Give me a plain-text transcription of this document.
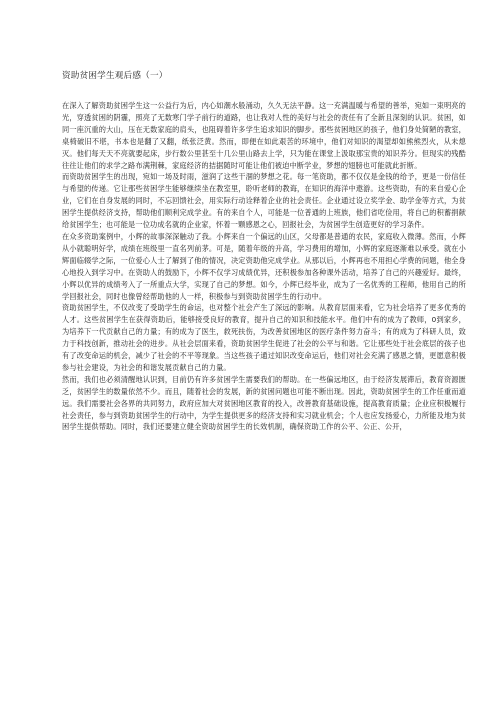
资助贫困学生观后感（一）

在深入了解资助贫困学生这一公益行为后，内心如潮水般涌动，久久无法平静。这一充满温暖与希望的善举，宛如一束明亮的光，穿透贫困的阴霾，照亮了无数寒门学子前行的道路，也让我对人性的美好与社会的责任有了全新且深刻的认识。贫困，如同一座沉重的大山，压在无数家庭的肩头，也阻碍着许多学生追求知识的脚步。那些贫困地区的孩子，他们身处简陋的教室，桌椅破旧不堪，书本也是翻了又翻，纸张泛黄。然而，即便在如此艰苦的环境中，他们对知识的渴望却如熊熊烈火，从未熄灭。他们每天天不亮就要起床，步行数公里甚至十几公里山路去上学，只为能在课堂上汲取那宝贵的知识养分。但现实的残酷往往让他们的求学之路布满荆棘，家庭经济的拮据随时可能让他们被迫中断学业，梦想的翅膀也可能就此折断。

而资助贫困学生的出现，宛如一场及时雨，滋润了这些干涸的梦想之花。每一笔资助，都不仅仅是金钱的给予，更是一份信任与希望的传递。它让那些贫困学生能够继续坐在教室里，聆听老师的教诲，在知识的海洋中遨游。这些资助，有的来自爱心企业，它们在自身发展的同时，不忘回馈社会，用实际行动诠释着企业的社会责任。企业通过设立奖学金、助学金等方式，为贫困学生提供经济支持，帮助他们顺利完成学业。有的来自个人，可能是一位普通的上班族，他们省吃俭用，将自己的积蓄捐献给贫困学生；也可能是一位功成名就的企业家，怀着一颗感恩之心，回报社会，为贫困学生创造更好的学习条件。

在众多资助案例中，小辉的故事深深触动了我。小辉来自一个偏远的山区，父母都是普通的农民，家庭收入微薄。然而，小辉从小就聪明好学，成绩在班级里一直名列前茅。可是，随着年级的升高，学习费用的增加，小辉的家庭逐渐难以承受。就在小辉面临辍学之际，一位爱心人士了解到了他的情况，决定资助他完成学业。从那以后，小辉再也不用担心学费的问题，他全身心地投入到学习中。在资助人的鼓励下，小辉不仅学习成绩优异，还积极参加各种课外活动，培养了自己的兴趣爱好。最终，小辉以优异的成绩考入了一所重点大学，实现了自己的梦想。如今，小辉已经毕业，成为了一名优秀的工程师，他用自己的所学回报社会，同时也像曾经帮助他的人一样，积极参与到资助贫困学生的行动中。

资助贫困学生，不仅改变了受助学生的命运，也对整个社会产生了深远的影响。从教育层面来看，它为社会培养了更多优秀的人才。这些贫困学生在获得资助后，能够接受良好的教育，提升自己的知识和技能水平。他们中有的成为了教师，0到家乡，为培养下一代贡献自己的力量；有的成为了医生，救死扶伤，为改善贫困地区的医疗条件努力奋斗；有的成为了科研人员，致力于科技创新，推动社会的进步。从社会层面来看，资助贫困学生促进了社会的公平与和谐。它让那些处于社会底层的孩子也有了改变命运的机会，减少了社会的不平等现象。当这些孩子通过知识改变命运后，他们对社会充满了感恩之情，更愿意积极参与社会建设，为社会的和谐发展贡献自己的力量。

然而，我们也必须清醒地认识到，目前仍有许多贫困学生需要我们的帮助。在一些偏远地区，由于经济发展滞后，教育资源匮乏，贫困学生的数量依然不少。而且，随着社会的发展，新的贫困问题也可能不断出现。因此，资助贫困学生的工作任重而道远。我们需要社会各界的共同努力，政府应加大对贫困地区教育的投入，改善教育基础设施，提高教育质量；企业应积极履行社会责任，参与到资助贫困学生的行动中，为学生提供更多的经济支持和实习就业机会；个人也应发扬爱心，力所能及地为贫困学生提供帮助。同时，我们还要建立健全资助贫困学生的长效机制，确保资助工作的公平、公正、公开，
